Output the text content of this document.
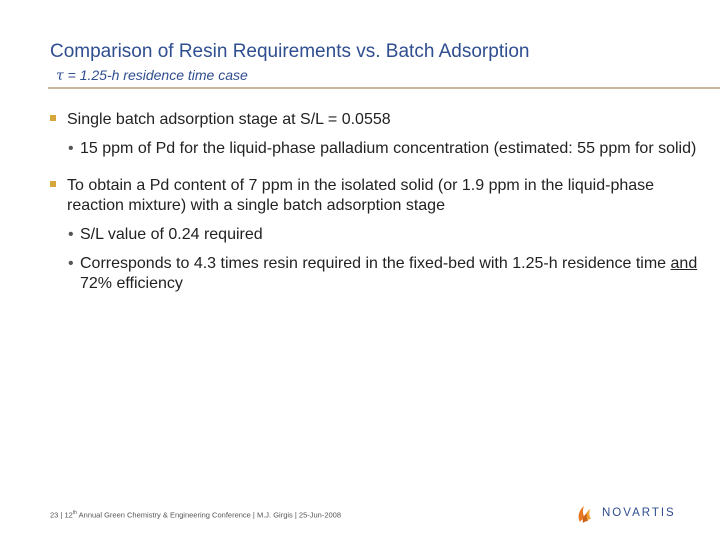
Comparison of Resin Requirements vs. Batch Adsorption
τ = 1.25-h residence time case
Single batch adsorption stage at S/L = 0.0558
• 15 ppm of Pd for the liquid-phase palladium concentration (estimated: 55 ppm for solid)
To obtain a Pd content of 7 ppm in the isolated solid (or 1.9 ppm in the liquid-phase reaction mixture) with a single batch adsorption stage
• S/L value of 0.24 required
• Corresponds to 4.3 times resin required in the fixed-bed with 1.25-h residence time and 72% efficiency
23 | 12th Annual Green Chemistry & Engineering Conference | M.J. Girgis | 25-Jun-2008	NOVARTIS
